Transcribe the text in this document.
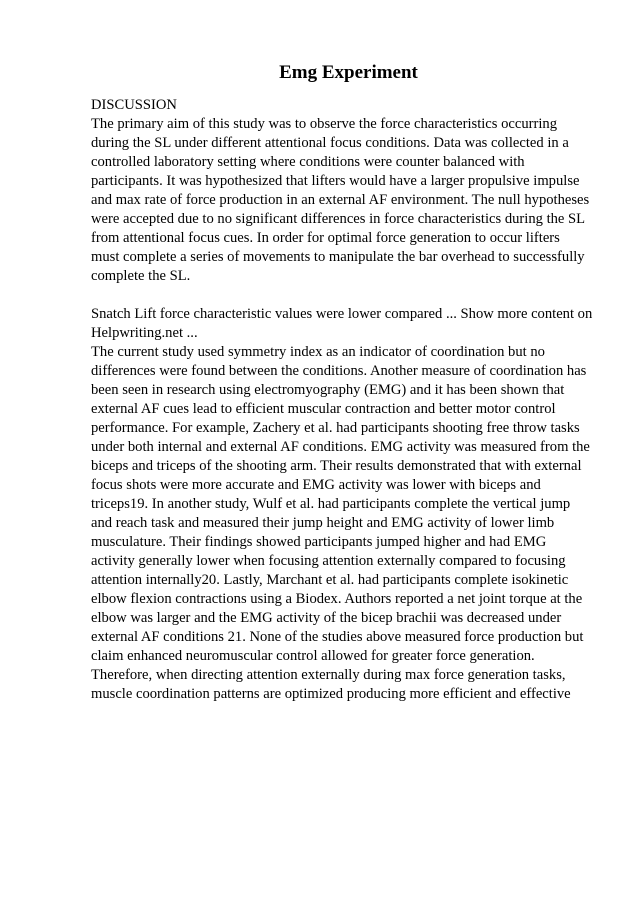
Emg Experiment

DISCUSSION

The primary aim of this study was to observe the force characteristics occurring
during the SL under different attentional focus conditions. Data was collected in a
controlled laboratory setting where conditions were counter balanced with
participants. It was hypothesized that lifters would have a larger propulsive impulse
and max rate of force production in an external AF environment. The null hypotheses
were accepted due to no significant differences in force characteristics during the SL
from attentional focus cues. In order for optimal force generation to occur lifters
must complete a series of movements to manipulate the bar overhead to successfully
complete the SL.

Snatch Lift force characteristic values were lower compared ... Show more content on
Helpwriting.net ...

The current study used symmetry index as an indicator of coordination but no
differences were found between the conditions. Another measure of coordination has
been seen in research using electromyography (EMG) and it has been shown that
external AF cues lead to efficient muscular contraction and better motor control
performance. For example, Zachery et al. had participants shooting free throw tasks
under both internal and external AF conditions. EMG activity was measured from the
biceps and triceps of the shooting arm. Their results demonstrated that with external
focus shots were more accurate and EMG activity was lower with biceps and
triceps19. In another study, Wulf et al. had participants complete the vertical jump
and reach task and measured their jump height and EMG activity of lower limb
musculature. Their findings showed participants jumped higher and had EMG
activity generally lower when focusing attention externally compared to focusing
attention internally20. Lastly, Marchant et al. had participants complete isokinetic
elbow flexion contractions using a Biodex. Authors reported a net joint torque at the
elbow was larger and the EMG activity of the bicep brachii was decreased under
external AF conditions 21. None of the studies above measured force production but
claim enhanced neuromuscular control allowed for greater force generation.
Therefore, when directing attention externally during max force generation tasks,
muscle coordination patterns are optimized producing more efficient and effective
